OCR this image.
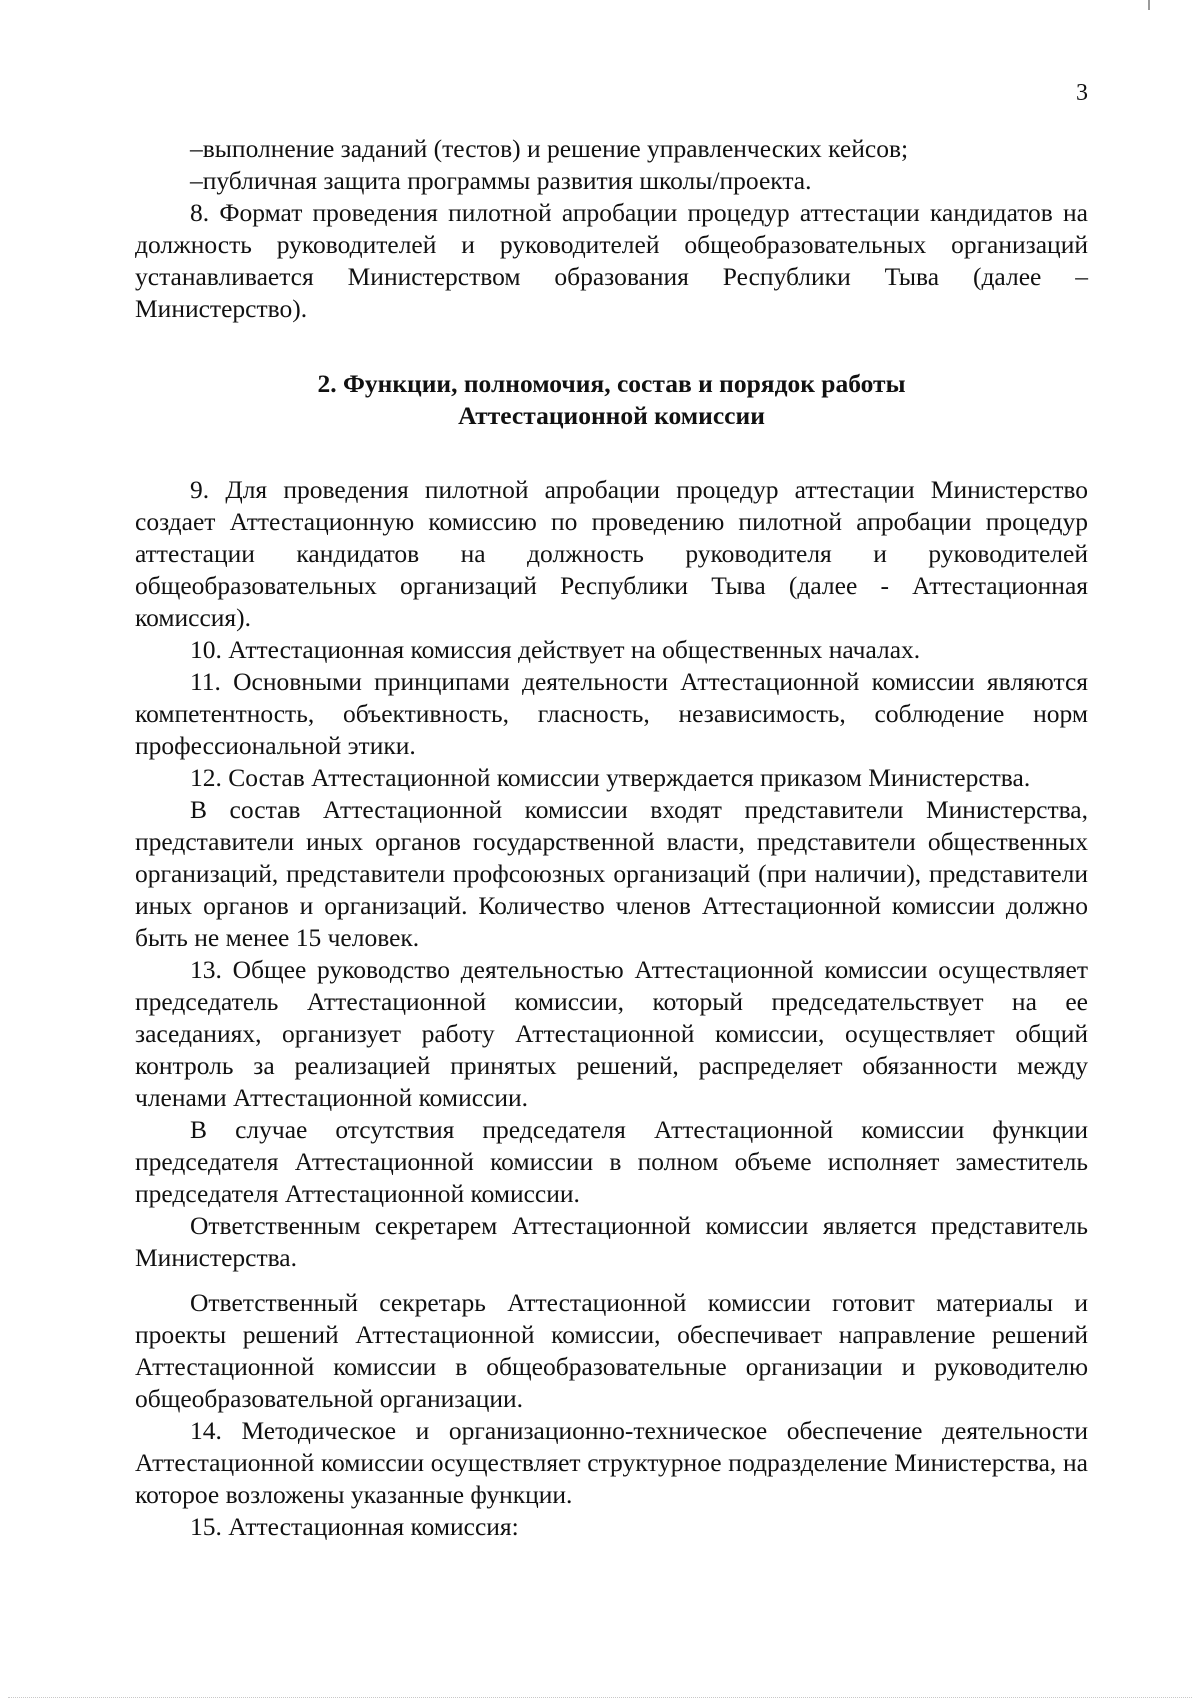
3

–выполнение заданий (тестов) и решение управленческих кейсов;

–публичная защита программы развития школы/проекта.

8. Формат проведения пилотной апробации процедур аттестации кандидатов на должность руководителей и руководителей общеобразовательных организаций устанавливается Министерством образования Республики Тыва (далее – Министерство).

2. Функции, полномочия, состав и порядок работы
Аттестационной комиссии

9. Для проведения пилотной апробации процедур аттестации Министерство создает Аттестационную комиссию по проведению пилотной апробации процедур аттестации кандидатов на должность руководителя и руководителей общеобразовательных организаций Республики Тыва (далее - Аттестационная комиссия).

10. Аттестационная комиссия действует на общественных началах.

11. Основными принципами деятельности Аттестационной комиссии являются компетентность, объективность, гласность, независимость, соблюдение норм профессиональной этики.

12. Состав Аттестационной комиссии утверждается приказом Министерства.

В состав Аттестационной комиссии входят представители Министерства, представители иных органов государственной власти, представители общественных организаций, представители профсоюзных организаций (при наличии), представители иных органов и организаций. Количество членов Аттестационной комиссии должно быть не менее 15 человек.

13. Общее руководство деятельностью Аттестационной комиссии осуществляет председатель Аттестационной комиссии, который председательствует на ее заседаниях, организует работу Аттестационной комиссии, осуществляет общий контроль за реализацией принятых решений, распределяет обязанности между членами Аттестационной комиссии.

В случае отсутствия председателя Аттестационной комиссии функции председателя Аттестационной комиссии в полном объеме исполняет заместитель председателя Аттестационной комиссии.

Ответственным секретарем Аттестационной комиссии является представитель Министерства.

Ответственный секретарь Аттестационной комиссии готовит материалы и проекты решений Аттестационной комиссии, обеспечивает направление решений Аттестационной комиссии в общеобразовательные организации и руководителю общеобразовательной организации.

14. Методическое и организационно-техническое обеспечение деятельности Аттестационной комиссии осуществляет структурное подразделение Министерства, на которое возложены указанные функции.

15. Аттестационная комиссия:
